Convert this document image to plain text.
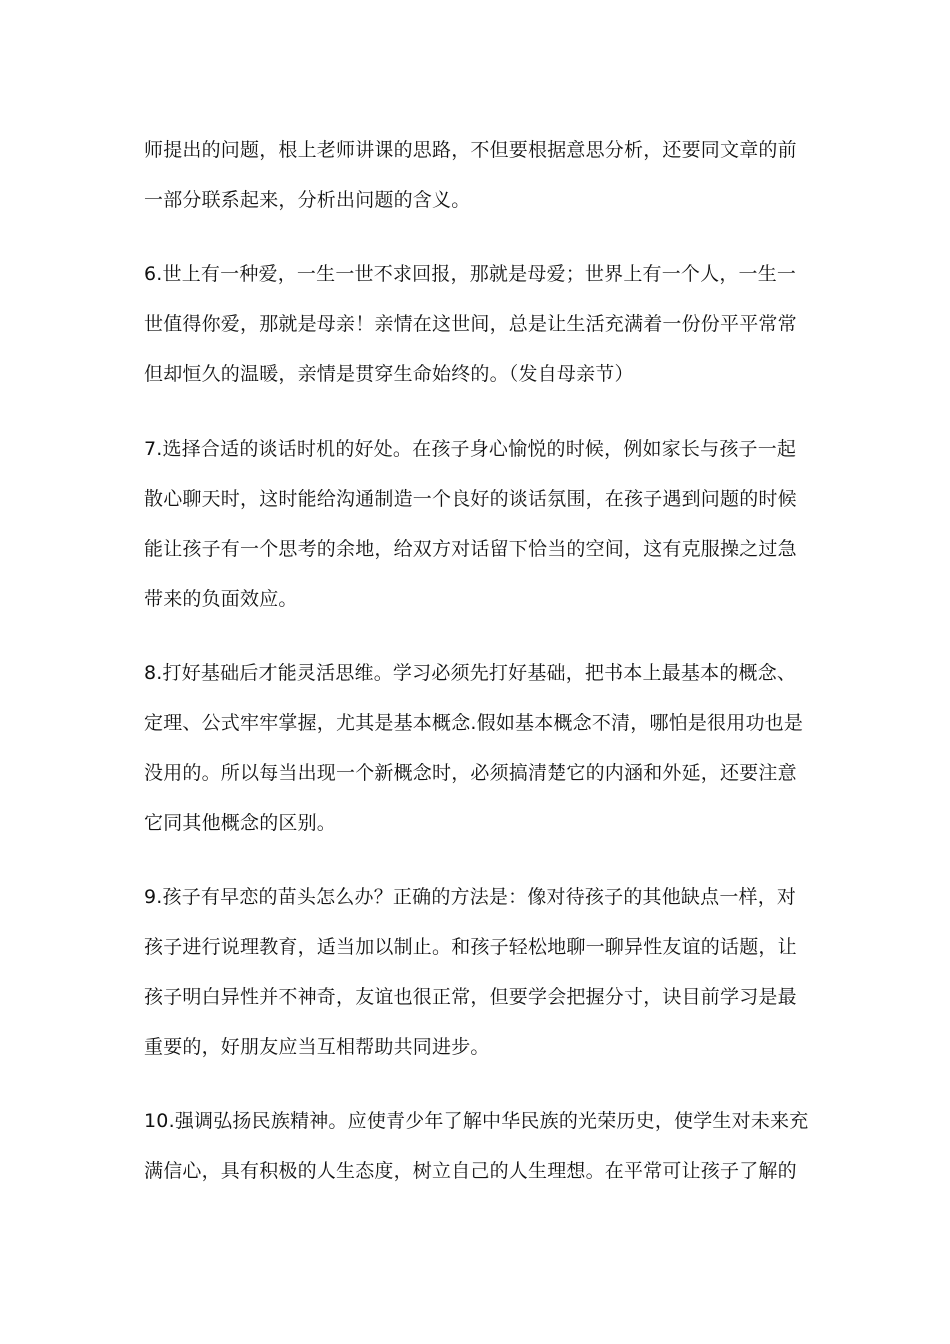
师提出的问题，根上老师讲课的思路，不但要根据意思分析，还要同文章的前
一部分联系起来，分析出问题的含义。
6.世上有一种爱，一生一世不求回报，那就是母爱；世界上有一个人，一生一
世值得你爱，那就是母亲！亲情在这世间，总是让生活充满着一份份平平常常
但却恒久的温暖，亲情是贯穿生命始终的。（发自母亲节）
7.选择合适的谈话时机的好处。在孩子身心愉悦的时候，例如家长与孩子一起
散心聊天时，这时能给沟通制造一个良好的谈话氛围，在孩子遇到问题的时候
能让孩子有一个思考的余地，给双方对话留下恰当的空间，这有克服操之过急
带来的负面效应。
8.打好基础后才能灵活思维。学习必须先打好基础，把书本上最基本的概念、
定理、公式牢牢掌握，尤其是基本概念.假如基本概念不清，哪怕是很用功也是
没用的。所以每当出现一个新概念时，必须搞清楚它的内涵和外延，还要注意
它同其他概念的区别。
9.孩子有早恋的苗头怎么办？正确的方法是：像对待孩子的其他缺点一样，对
孩子进行说理教育，适当加以制止。和孩子轻松地聊一聊异性友谊的话题，让
孩子明白异性并不神奇，友谊也很正常，但要学会把握分寸，诀目前学习是最
重要的，好朋友应当互相帮助共同进步。
10.强调弘扬民族精神。应使青少年了解中华民族的光荣历史，使学生对未来充
满信心，具有积极的人生态度，树立自己的人生理想。在平常可让孩子了解的
